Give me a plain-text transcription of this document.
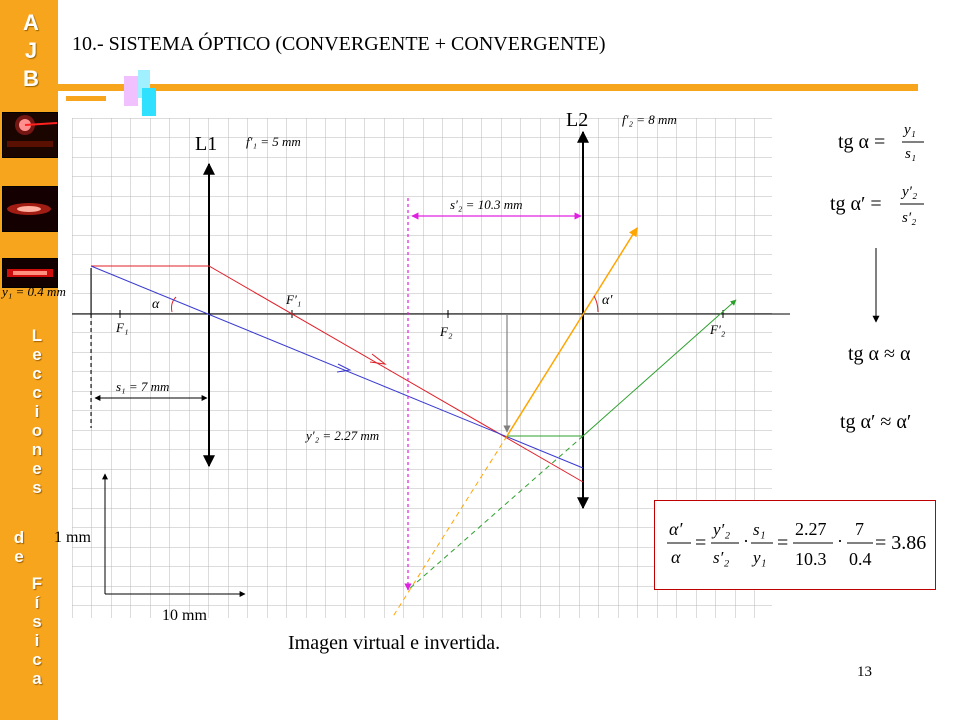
A
J
B
L
e
c
c
i
o
n
e
s
d
e
F
í
s
i
c
a
10.- SISTEMA ÓPTICO (CONVERGENTE + CONVERGENTE)
L1
L2
f′₁ = 5 mm
f′₂ = 8 mm
s′₂ = 10.3 mm
y₁ = 0.4 mm
s₁ = 7 mm
y′₂ = 2.27 mm
F₁
F′₁
F₂	F′₂
α	α′
1 mm
10 mm
tg α =
y₁
s₁
tg α′ =
y′₂
s′₂
tg α ≈ α
tg α′ ≈ α′
α′
α
=
y′₂
s′₂
·
s₁
y₁
=
2.27
10.3
·
7
0.4
= 3.86
Imagen virtual e invertida.
13
